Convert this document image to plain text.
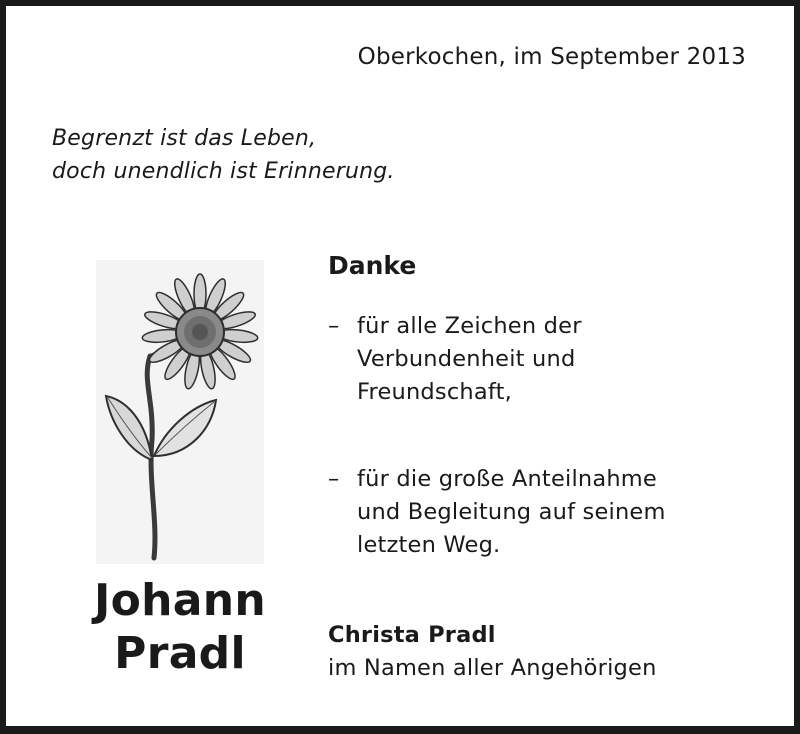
Oberkochen, im September 2013
Begrenzt ist das Leben,
doch unendlich ist Erinnerung.
Johann
Pradl
Danke
– für alle Zeichen der
Verbundenheit und
Freundschaft,
– für die große Anteilnahme
und Begleitung auf seinem
letzten Weg.
Christa Pradl
im Namen aller Angehörigen
